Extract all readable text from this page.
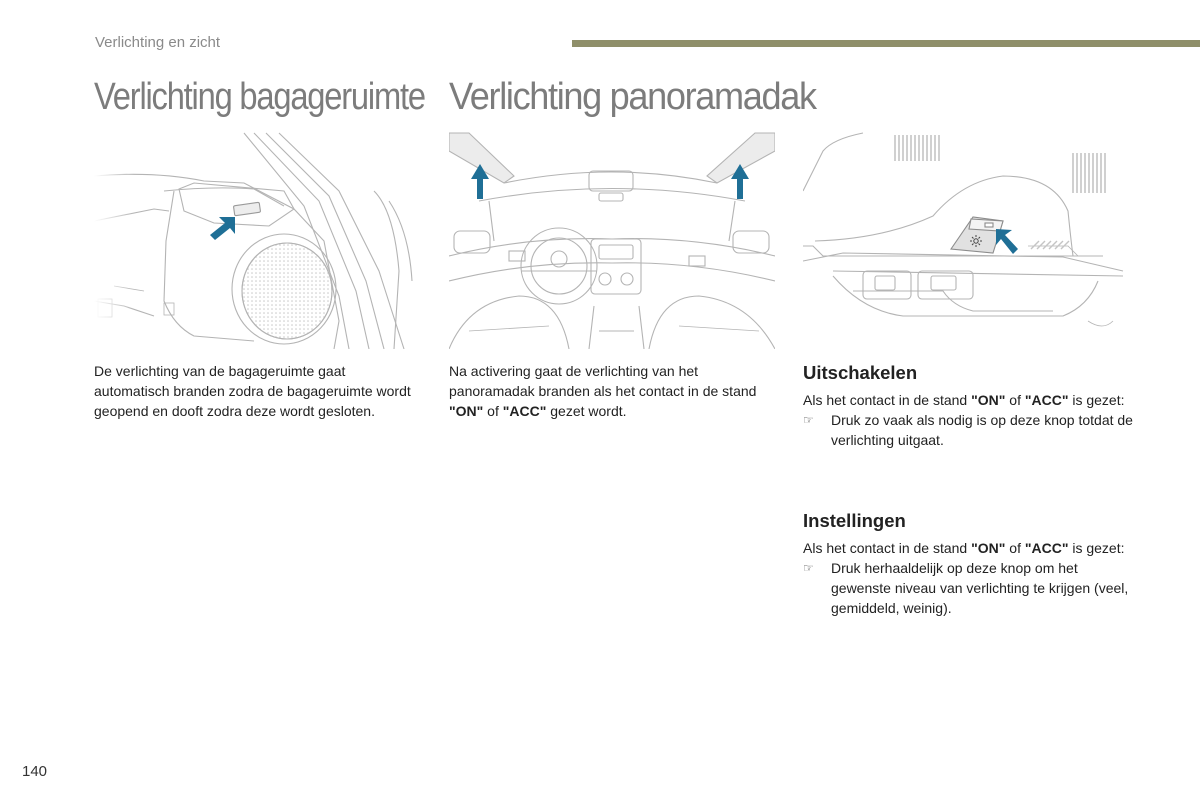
Verlichting en zicht
Verlichting bagageruimte Verlichting panoramadak
De verlichting van de bagageruimte gaat automatisch branden zodra de bagageruimte wordt geopend en dooft zodra deze wordt gesloten.
Na activering gaat de verlichting van het panoramadak branden als het contact in de stand "ON" of "ACC" gezet wordt.
Uitschakelen
Als het contact in de stand "ON" of "ACC" is gezet:
☞ Druk zo vaak als nodig is op deze knop totdat de verlichting uitgaat.
Instellingen
Als het contact in de stand "ON" of "ACC" is gezet:
☞ Druk herhaaldelijk op deze knop om het gewenste niveau van verlichting te krijgen (veel, gemiddeld, weinig).
140
